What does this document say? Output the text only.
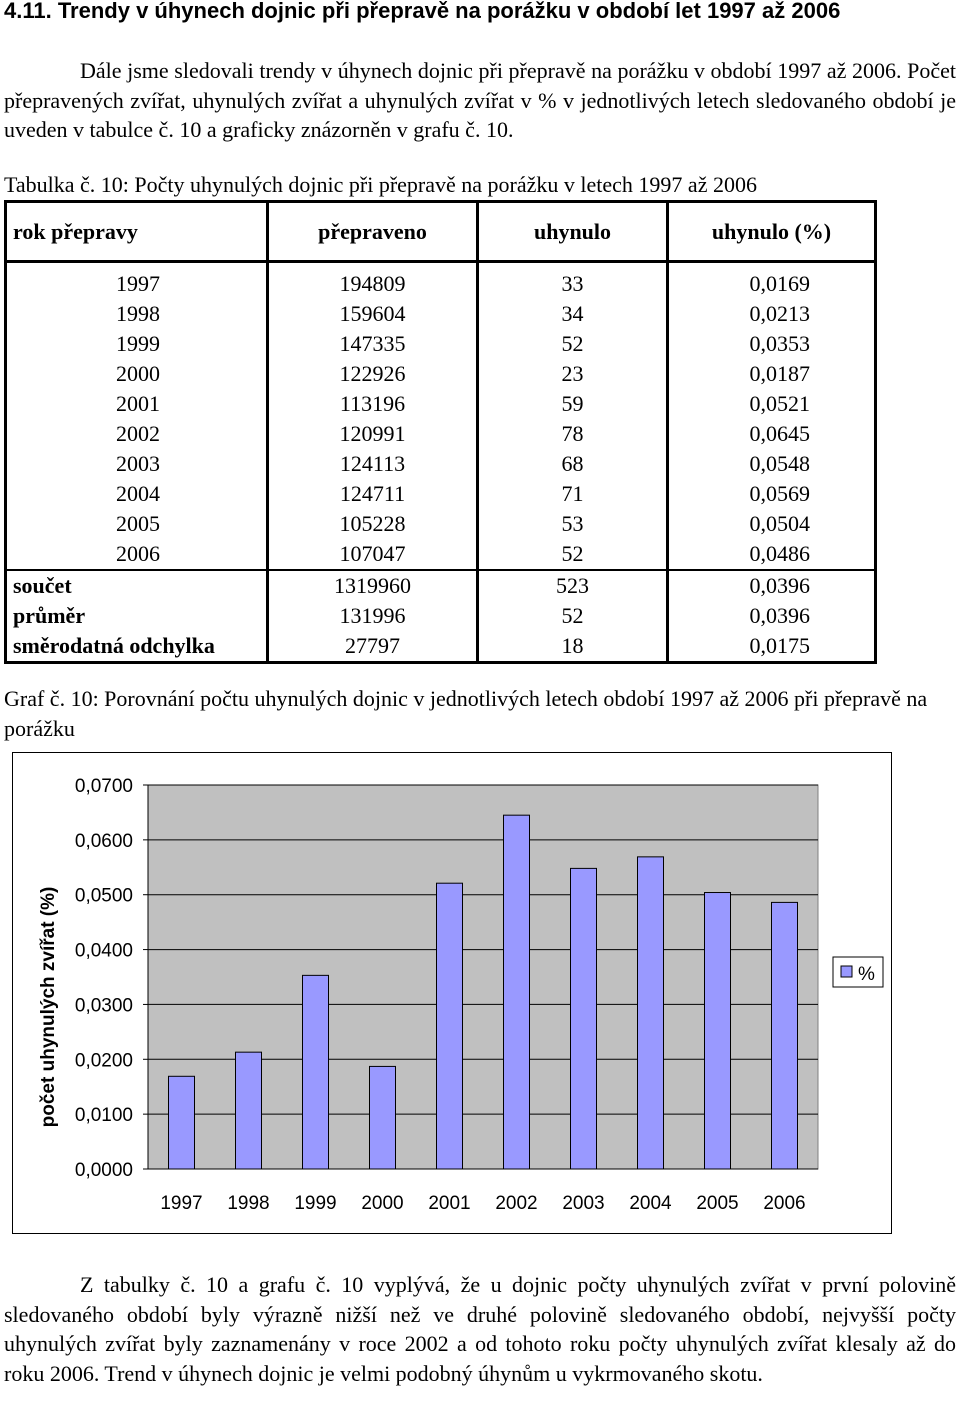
4.11. Trendy v úhynech dojnic při přepravě na porážku v období let 1997 až 2006

Dále jsme sledovali trendy v úhynech dojnic při přepravě na porážku v období 1997 až 2006. Počet přepravených zvířat, uhynulých zvířat a uhynulých zvířat v % v jednotlivých letech sledovaného období je uveden v tabulce č. 10 a graficky znázorněn v grafu č. 10.

Tabulka č. 10: Počty uhynulých dojnic při přepravě na porážku v letech 1997 až 2006

rok přepravy	přepraveno	uhynulo	uhynulo (%)
1997	194809	33	0,0169
1998	159604	34	0,0213
1999	147335	52	0,0353
2000	122926	23	0,0187
2001	113196	59	0,0521
2002	120991	78	0,0645
2003	124113	68	0,0548
2004	124711	71	0,0569
2005	105228	53	0,0504
2006	107047	52	0,0486
součet	1319960	523	0,0396
průměr	131996	52	0,0396
směrodatná odchylka	27797	18	0,0175

Graf č. 10: Porovnání počtu uhynulých dojnic v jednotlivých letech období 1997 až 2006 při přepravě na porážku

0,0000
0,0100
0,0200
0,0300
0,0400
0,0500
0,0600
0,0700
1997 1998 1999 2000 2001 2002 2003 2004 2005 2006
počet uhynulých zvířat (%)	%

Z tabulky č. 10 a grafu č. 10 vyplývá, že u dojnic počty uhynulých zvířat v první polovině sledovaného období byly výrazně nižší než ve druhé polovině sledovaného období, nejvyšší počty uhynulých zvířat byly zaznamenány v roce 2002 a od tohoto roku počty uhynulých zvířat klesaly až do roku 2006. Trend v úhynech dojnic je velmi podobný úhynům u vykrmovaného skotu.
